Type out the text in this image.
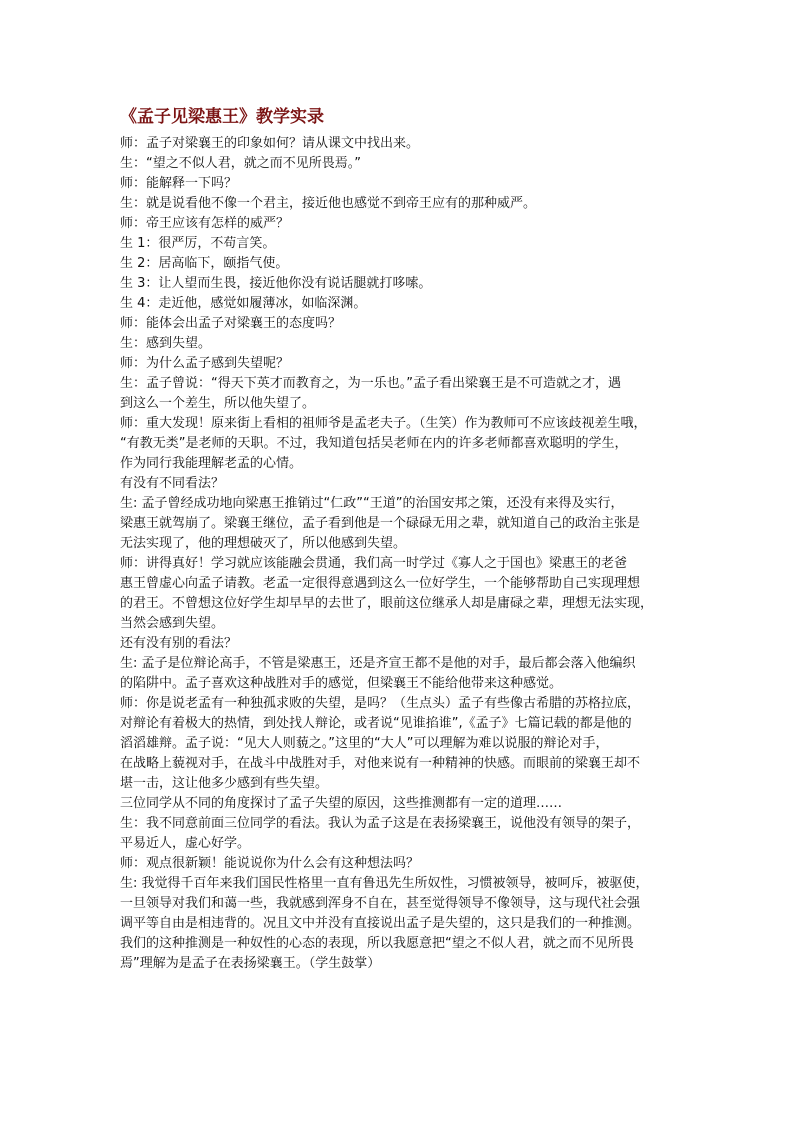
《孟子见梁惠王》教学实录
师：孟子对梁襄王的印象如何？请从课文中找出来。
生：“望之不似人君，就之而不见所畏焉。”
师：能解释一下吗？
生：就是说看他不像一个君主，接近他也感觉不到帝王应有的那种威严。
师：帝王应该有怎样的威严？
生 1：很严厉，不苟言笑。
生 2：居高临下，颐指气使。
生 3：让人望而生畏，接近他你没有说话腿就打哆嗦。
生 4：走近他，感觉如履薄冰，如临深渊。
师：能体会出孟子对梁襄王的态度吗？
生：感到失望。
师：为什么孟子感到失望呢？
生：孟子曾说：“得天下英才而教育之，为一乐也。”孟子看出梁襄王是不可造就之才，遇
到这么一个差生，所以他失望了。
师：重大发现！原来街上看相的祖师爷是孟老夫子。（生笑）作为教师可不应该歧视差生哦，
“有教无类”是老师的天职。不过，我知道包括吴老师在内的许多老师都喜欢聪明的学生，
作为同行我能理解老孟的心情。
有没有不同看法？
生: 孟子曾经成功地向梁惠王推销过“仁政”“王道”的治国安邦之策，还没有来得及实行，
梁惠王就驾崩了。梁襄王继位，孟子看到他是一个碌碌无用之辈，就知道自己的政治主张是
无法实现了，他的理想破灭了，所以他感到失望。
师：讲得真好！学习就应该能融会贯通，我们高一时学过《寡人之于国也》梁惠王的老爸
惠王曾虚心向孟子请教。老孟一定很得意遇到这么一位好学生，一个能够帮助自己实现理想
的君王。不曾想这位好学生却早早的去世了，眼前这位继承人却是庸碌之辈，理想无法实现，
当然会感到失望。
还有没有别的看法？
生: 孟子是位辩论高手，不管是梁惠王，还是齐宣王都不是他的对手，最后都会落入他编织
的陷阱中。孟子喜欢这种战胜对手的感觉，但梁襄王不能给他带来这种感觉。
师：你是说老孟有一种独孤求败的失望，是吗？（生点头）孟子有些像古希腊的苏格拉底，
对辩论有着极大的热情，到处找人辩论，或者说“见谁掐谁”,《孟子》七篇记载的都是他的
滔滔雄辩。孟子说：“见大人则藐之。”这里的“大人”可以理解为难以说服的辩论对手，
在战略上藐视对手，在战斗中战胜对手，对他来说有一种精神的快感。而眼前的梁襄王却不
堪一击，这让他多少感到有些失望。
三位同学从不同的角度探讨了孟子失望的原因，这些推测都有一定的道理……
生：我不同意前面三位同学的看法。我认为孟子这是在表扬梁襄王，说他没有领导的架子，
平易近人，虚心好学。
师：观点很新颖！能说说你为什么会有这种想法吗？
生: 我觉得千百年来我们国民性格里一直有鲁迅先生所奴性，习惯被领导，被呵斥，被驱使，
一旦领导对我们和蔼一些，我就感到浑身不自在，甚至觉得领导不像领导，这与现代社会强
调平等自由是相违背的。况且文中并没有直接说出孟子是失望的，这只是我们的一种推测。
我们的这种推测是一种奴性的心态的表现，所以我愿意把“望之不似人君，就之而不见所畏
焉”理解为是孟子在表扬梁襄王。（学生鼓掌）
